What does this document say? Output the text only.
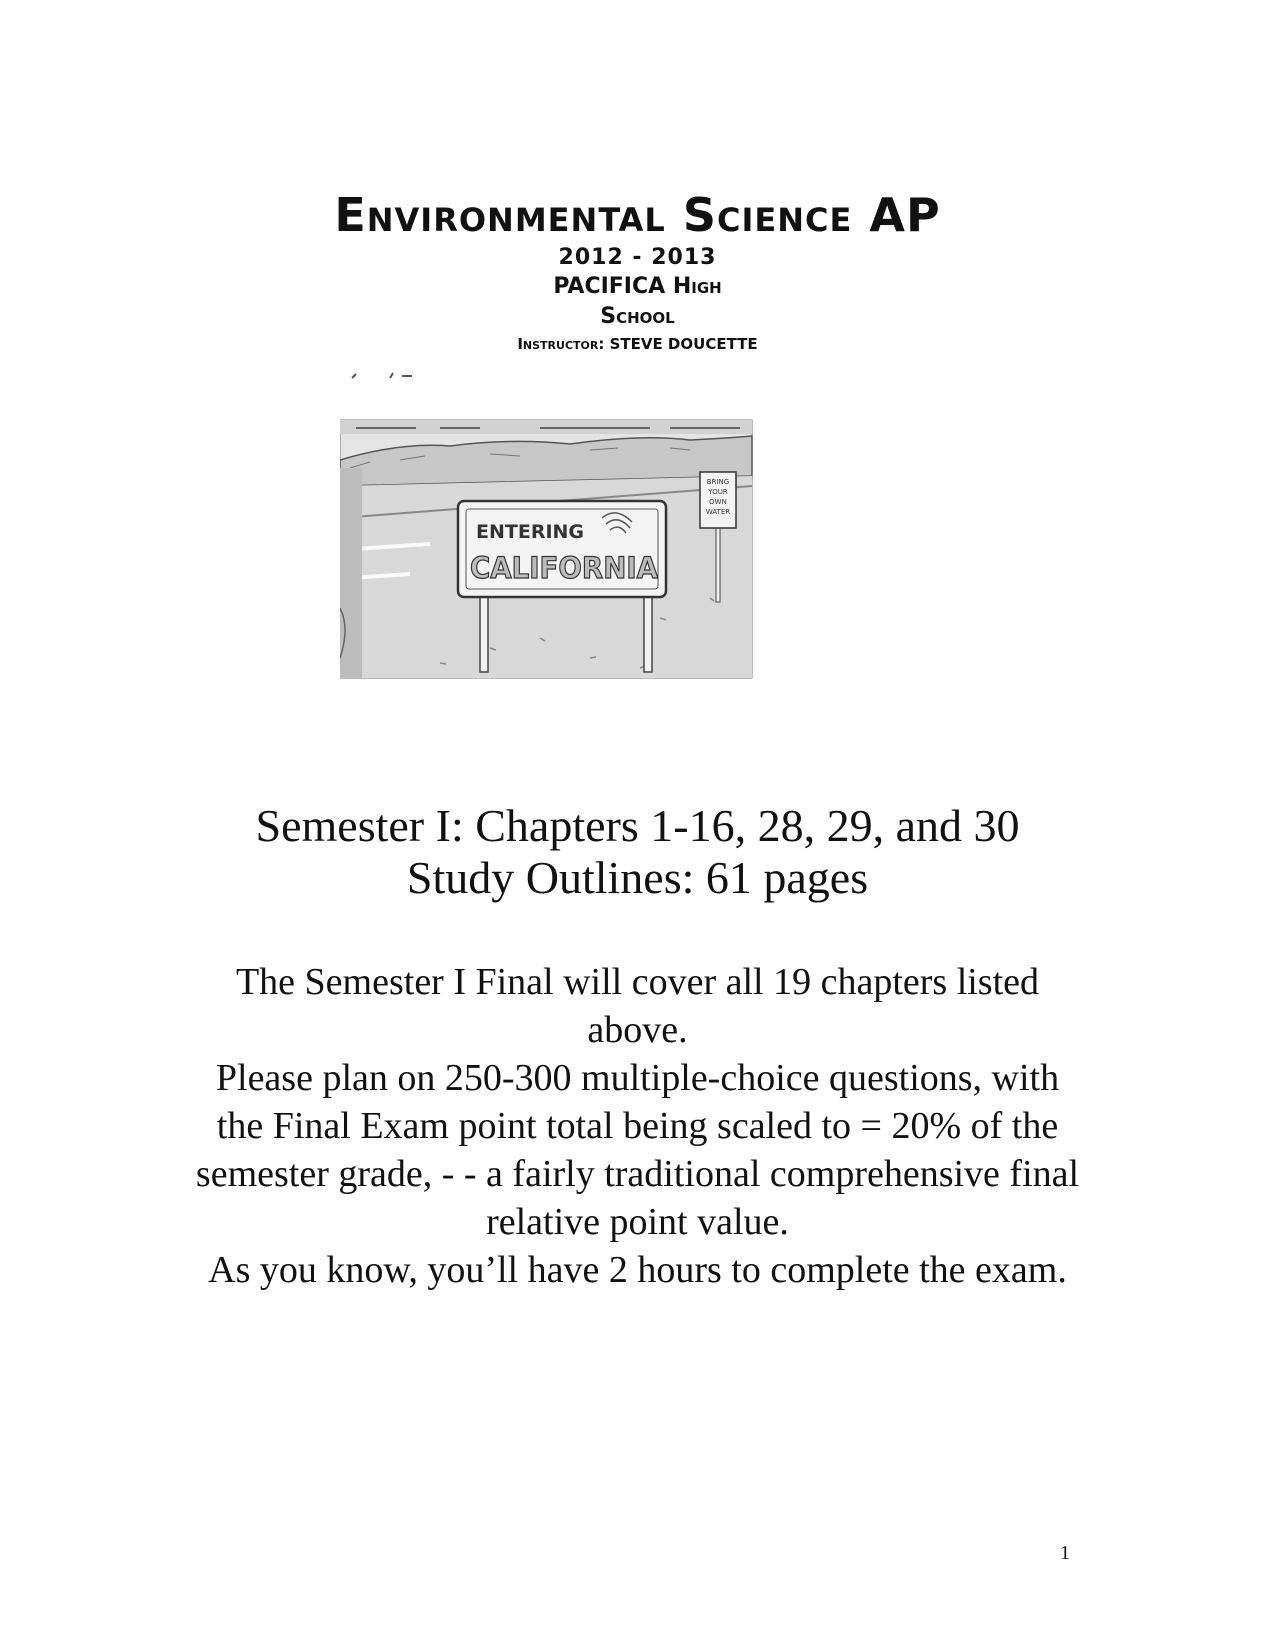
Environmental Science AP
2012 - 2013
PACIFICA High
School
Instructor: STEVE DOUCETTE
ENTERING
CALIFORNIA
BRING
YOUR
OWN
WATER
Semester I: Chapters 1-16, 28, 29, and 30
Study Outlines: 61 pages
The Semester I Final will cover all 19 chapters listed above.
Please plan on 250-300 multiple-choice questions, with the Final Exam point total being scaled to = 20% of the semester grade, - - a fairly traditional comprehensive final relative point value.
As you know, you’ll have 2 hours to complete the exam.
1
